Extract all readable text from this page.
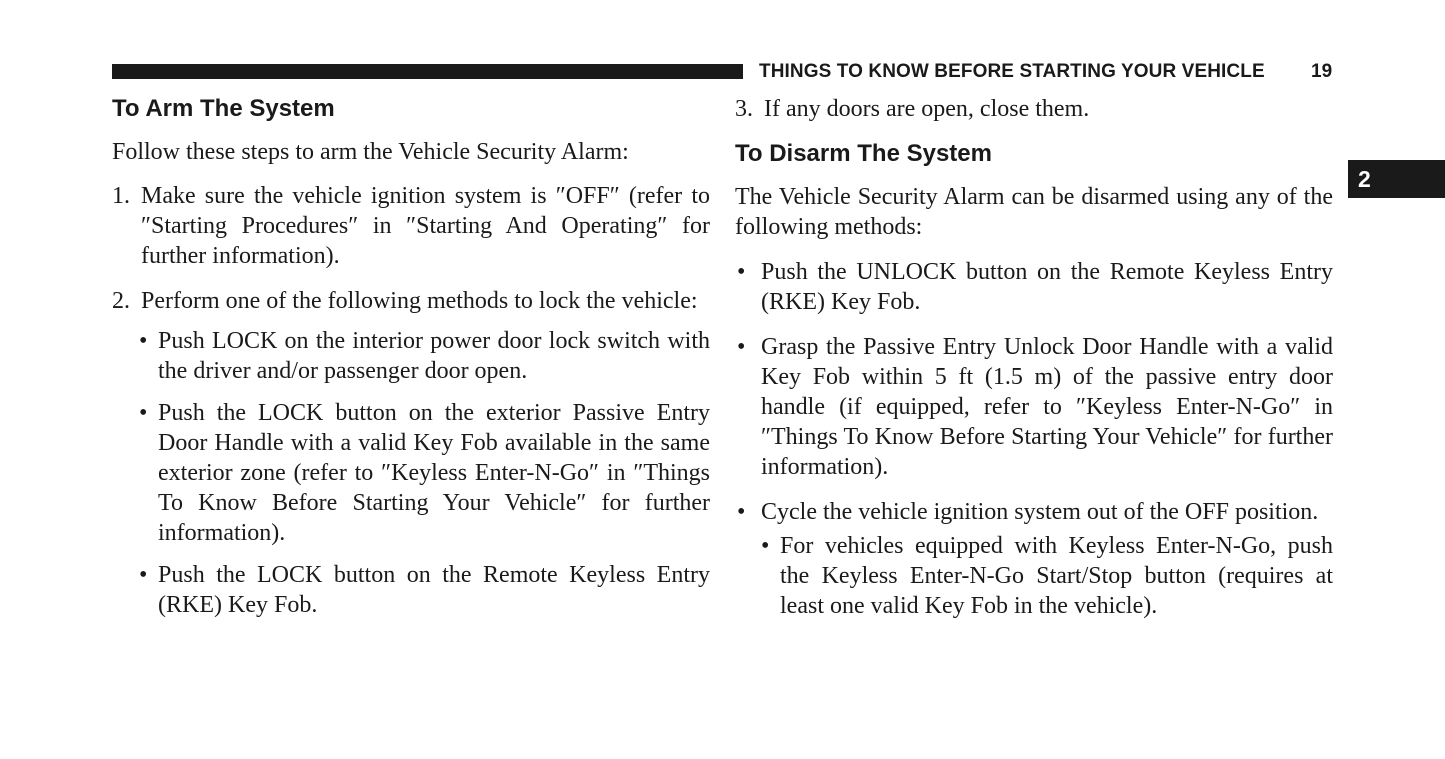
THINGS TO KNOW BEFORE STARTING YOUR VEHICLE 19
2
To Arm The System

Follow these steps to arm the Vehicle Security Alarm:

1. Make sure the vehicle ignition system is ″OFF″ (refer to ″Starting Procedures″ in ″Starting And Operating″ for further information).
2. Perform one of the following methods to lock the vehicle:
• Push LOCK on the interior power door lock switch with the driver and/or passenger door open.
• Push the LOCK button on the exterior Passive Entry Door Handle with a valid Key Fob available in the same exterior zone (refer to ″Keyless Enter-N-Go″ in ″Things To Know Before Starting Your Vehicle″ for further information).
• Push the LOCK button on the Remote Keyless Entry (RKE) Key Fob.
3. If any doors are open, close them.
To Disarm The System

The Vehicle Security Alarm can be disarmed using any of the following methods:

• Push the UNLOCK button on the Remote Keyless Entry (RKE) Key Fob.
• Grasp the Passive Entry Unlock Door Handle with a valid Key Fob within 5 ft (1.5 m) of the passive entry door handle (if equipped, refer to ″Keyless Enter-N-Go″ in ″Things To Know Before Starting Your Vehicle″ for further information).
• Cycle the vehicle ignition system out of the OFF position.
• For vehicles equipped with Keyless Enter-N-Go, push the Keyless Enter-N-Go Start/Stop button (requires at least one valid Key Fob in the vehicle).
